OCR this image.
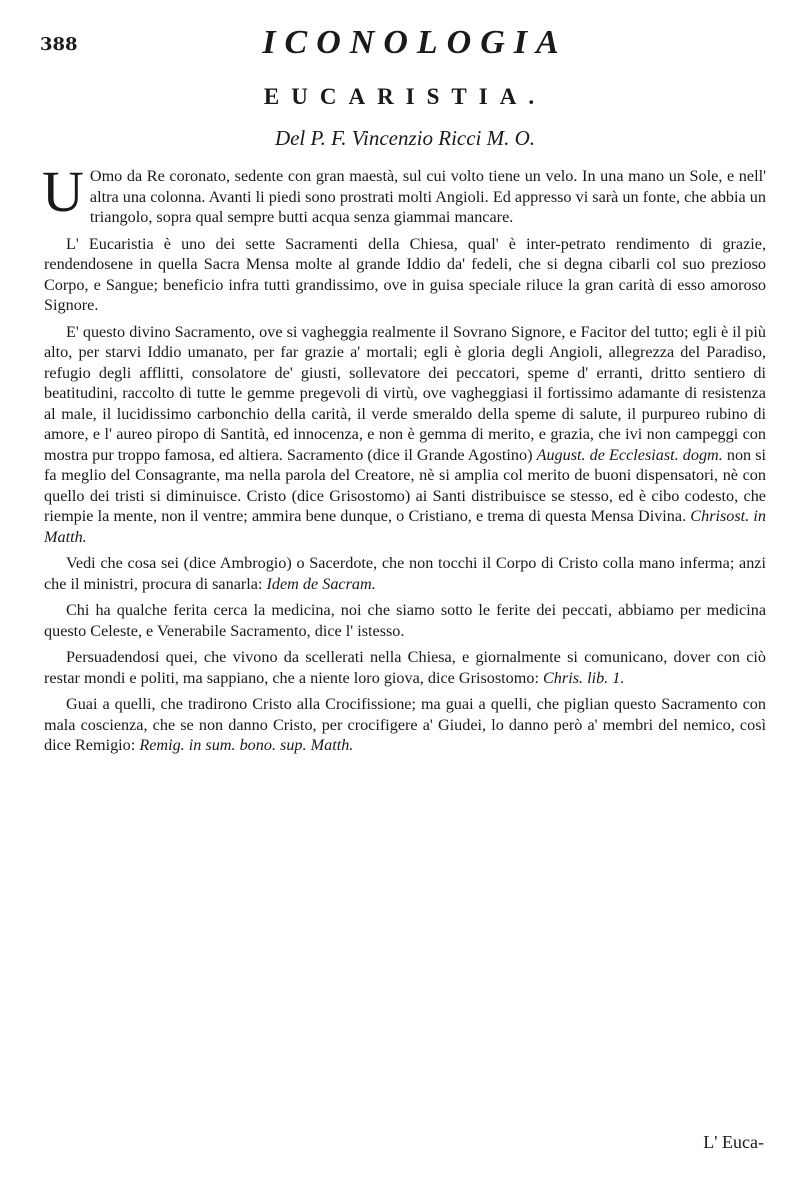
388	ICONOLOGIA
EUCARISTIA.
Del P. F. Vincenzio Ricci M. O.

U Omo da Re coronato, sedente con gran maestà, sul cui volto tiene un velo. In una mano un Sole, e nell' altra una colonna. Avanti li piedi sono prostrati molti Angioli. Ed appresso vi sarà un fonte, che abbia un triangolo, sopra qual sempre butti acqua senza giammai mancare.

L' Eucaristia è uno dei sette Sacramenti della Chiesa, qual' è inter-petrato rendimento di grazie, rendendosene in quella Sacra Mensa molte al grande Iddio da' fedeli, che si degna cibarli col suo prezioso Corpo, e Sangue; beneficio infra tutti grandissimo, ove in guisa speciale riluce la gran carità di esso amoroso Signore.

E' questo divino Sacramento, ove si vagheggia realmente il Sovrano Signore, e Facitor del tutto; egli è il più alto, per starvi Iddio umanato, per far grazie a' mortali; egli è gloria degli Angioli, allegrezza del Paradiso, refugio degli afflitti, consolatore de' giusti, sollevatore dei peccatori, speme d' erranti, dritto sentiero di beatitudini, raccolto di tutte le gemme pregevoli di virtù, ove vagheggiasi il fortissimo adamante di resistenza al male, il lucidissimo carbonchio della carità, il verde smeraldo della speme di salute, il purpureo rubino di amore, e l' aureo piropo di Santità, ed innocenza, e non è gemma di merito, e grazia, che ivi non campeggi con mostra pur troppo famosa, ed altiera. Sacramento (dice il Grande Agostino) August. de Ecclesiast. dogm. non si fa meglio del Consagrante, ma nella parola del Creatore, nè si amplia col merito de buoni dispensatori, nè con quello dei tristi si diminuisce. Cristo (dice Grisostomo) ai Santi distribuisce se stesso, ed è cibo codesto, che riempie la mente, non il ventre; ammira bene dunque, o Cristiano, e trema di questa Mensa Divina. Chrisost. in Matth.

Vedi che cosa sei (dice Ambrogio) o Sacerdote, che non tocchi il Corpo di Cristo colla mano inferma; anzi che il ministri, procura di sanarla: Idem de Sacram.

Chi ha qualche ferita cerca la medicina, noi che siamo sotto le ferite dei peccati, abbiamo per medicina questo Celeste, e Venerabile Sacramento, dice l' istesso.

Persuadendosi quei, che vivono da scellerati nella Chiesa, e giornalmente si comunicano, dover con ciò restar mondi e politi, ma sappiano, che a niente loro giova, dice Grisostomo: Chris. lib. 1.

Guai a quelli, che tradirono Cristo alla Crocifissione; ma guai a quelli, che piglian questo Sacramento con mala coscienza, che se non danno Cristo, per crocifigere a' Giudei, lo danno però a' membri del nemico, così dice Remigio: Remig. in sum. bono. sup. Matth.

L' Euca-
